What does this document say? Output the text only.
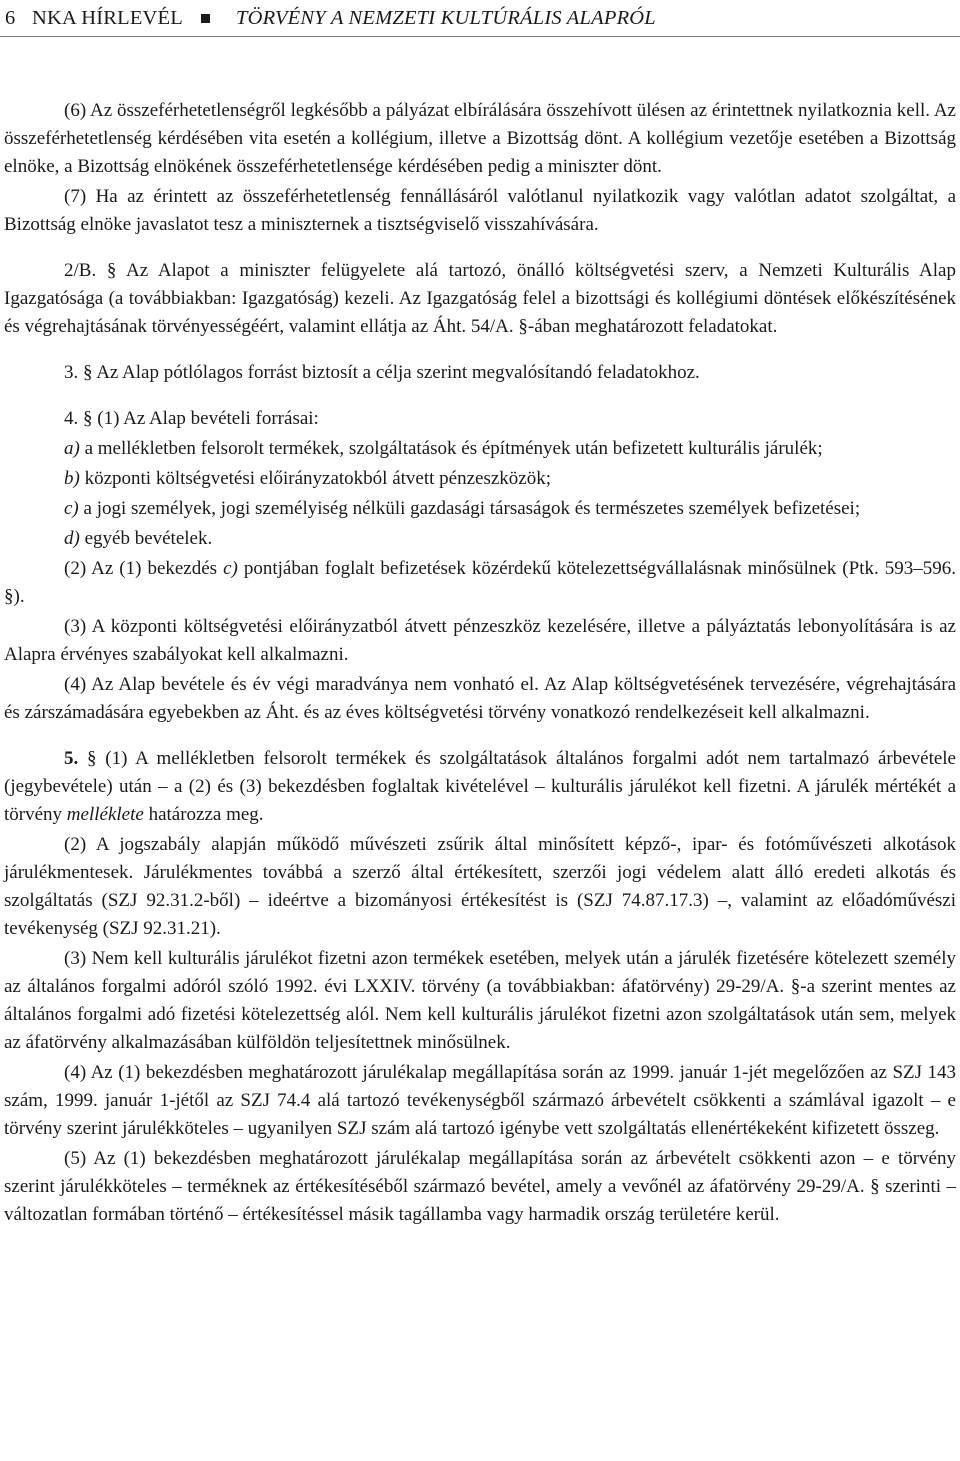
6 NKA HÍRLEVÉL	TÖRVÉNY A NEMZETI KULTÚRÁLIS ALAPRÓL

(6) Az összeférhetetlenségről legkésőbb a pályázat elbírálására összehívott ülésen az érintettnek nyilatkoznia kell. Az összeférhetetlenség kérdésében vita esetén a kollégium, illetve a Bizottság dönt. A kollégium vezetője esetében a Bizottság elnöke, a Bizottság elnökének összeférhetetlensége kérdésében pedig a miniszter dönt.

(7) Ha az érintett az összeférhetetlenség fennállásáról valótlanul nyilatkozik vagy valótlan adatot szolgáltat, a Bizottság elnöke javaslatot tesz a miniszternek a tisztségviselő visszahívására.

2/B. § Az Alapot a miniszter felügyelete alá tartozó, önálló költségvetési szerv, a Nemzeti Kulturális Alap Igazgatósága (a továbbiakban: Igazgatóság) kezeli. Az Igazgatóság felel a bizottsági és kollégiumi döntések előkészítésének és végrehajtásának törvényességéért, valamint ellátja az Áht. 54/A. §-ában meghatározott feladatokat.

3. § Az Alap pótlólagos forrást biztosít a célja szerint megvalósítandó feladatokhoz.

4. § (1) Az Alap bevételi forrásai:

a) a mellékletben felsorolt termékek, szolgáltatások és építmények után befizetett kulturális járulék;

b) központi költségvetési előirányzatokból átvett pénzeszközök;

c) a jogi személyek, jogi személyiség nélküli gazdasági társaságok és természetes személyek befizetései;

d) egyéb bevételek.

(2) Az (1) bekezdés c) pontjában foglalt befizetések közérdekű kötelezettségvállalásnak minősülnek (Ptk. 593–596. §).

(3) A központi költségvetési előirányzatból átvett pénzeszköz kezelésére, illetve a pályáztatás lebonyolítására is az Alapra érvényes szabályokat kell alkalmazni.

(4) Az Alap bevétele és év végi maradványa nem vonható el. Az Alap költségvetésének tervezésére, végrehajtására és zárszámadására egyebekben az Áht. és az éves költségvetési törvény vonatkozó rendelkezéseit kell alkalmazni.

5. § (1) A mellékletben felsorolt termékek és szolgáltatások általános forgalmi adót nem tartalmazó árbevétele (jegybevétele) után – a (2) és (3) bekezdésben foglaltak kivételével – kulturális járulékot kell fizetni. A járulék mértékét a törvény melléklete határozza meg.

(2) A jogszabály alapján működő művészeti zsűrik által minősített képző-, ipar- és fotóművészeti alkotások járulékmentesek. Járulékmentes továbbá a szerző által értékesített, szerzői jogi védelem alatt álló eredeti alkotás és szolgáltatás (SZJ 92.31.2-ből) – ideértve a bizományosi értékesítést is (SZJ 74.87.17.3) –, valamint az előadóművészi tevékenység (SZJ 92.31.21).

(3) Nem kell kulturális járulékot fizetni azon termékek esetében, melyek után a járulék fizetésére kötelezett személy az általános forgalmi adóról szóló 1992. évi LXXIV. törvény (a továbbiakban: áfatörvény) 29-29/A. §-a szerint mentes az általános forgalmi adó fizetési kötelezettség alól. Nem kell kulturális járulékot fizetni azon szolgáltatások után sem, melyek az áfatörvény alkalmazásában külföldön teljesítettnek minősülnek.

(4) Az (1) bekezdésben meghatározott járulékalap megállapítása során az 1999. január 1-jét megelőzően az SZJ 143 szám, 1999. január 1-jétől az SZJ 74.4 alá tartozó tevékenységből származó árbevételt csökkenti a számlával igazolt – e törvény szerint járulékköteles – ugyanilyen SZJ szám alá tartozó igénybe vett szolgáltatás ellenértékeként kifizetett összeg.

(5) Az (1) bekezdésben meghatározott járulékalap megállapítása során az árbevételt csökkenti azon – e törvény szerint járulékköteles – terméknek az értékesítéséből származó bevétel, amely a vevőnél az áfatörvény 29-29/A. § szerinti – változatlan formában történő – értékesítéssel másik tagállamba vagy harmadik ország területére kerül.
